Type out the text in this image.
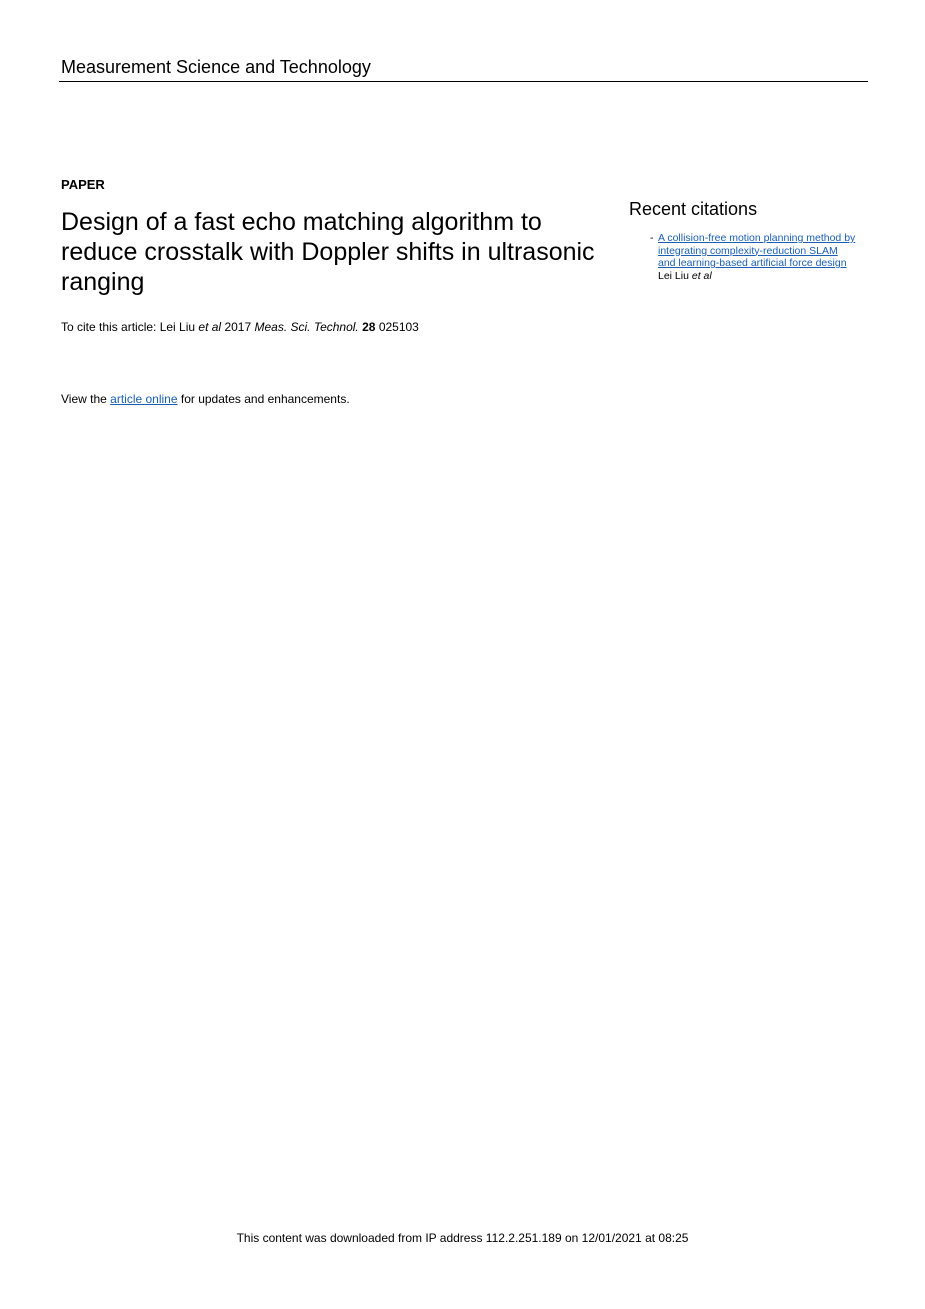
Measurement Science and Technology
PAPER
Design of a fast echo matching algorithm to reduce crosstalk with Doppler shifts in ultrasonic ranging
To cite this article: Lei Liu et al 2017 Meas. Sci. Technol. 28 025103
View the article online for updates and enhancements.
Recent citations
- A collision-free motion planning method by
integrating complexity-reduction SLAM
and learning-based artificial force design
Lei Liu et al
This content was downloaded from IP address 112.2.251.189 on 12/01/2021 at 08:25
